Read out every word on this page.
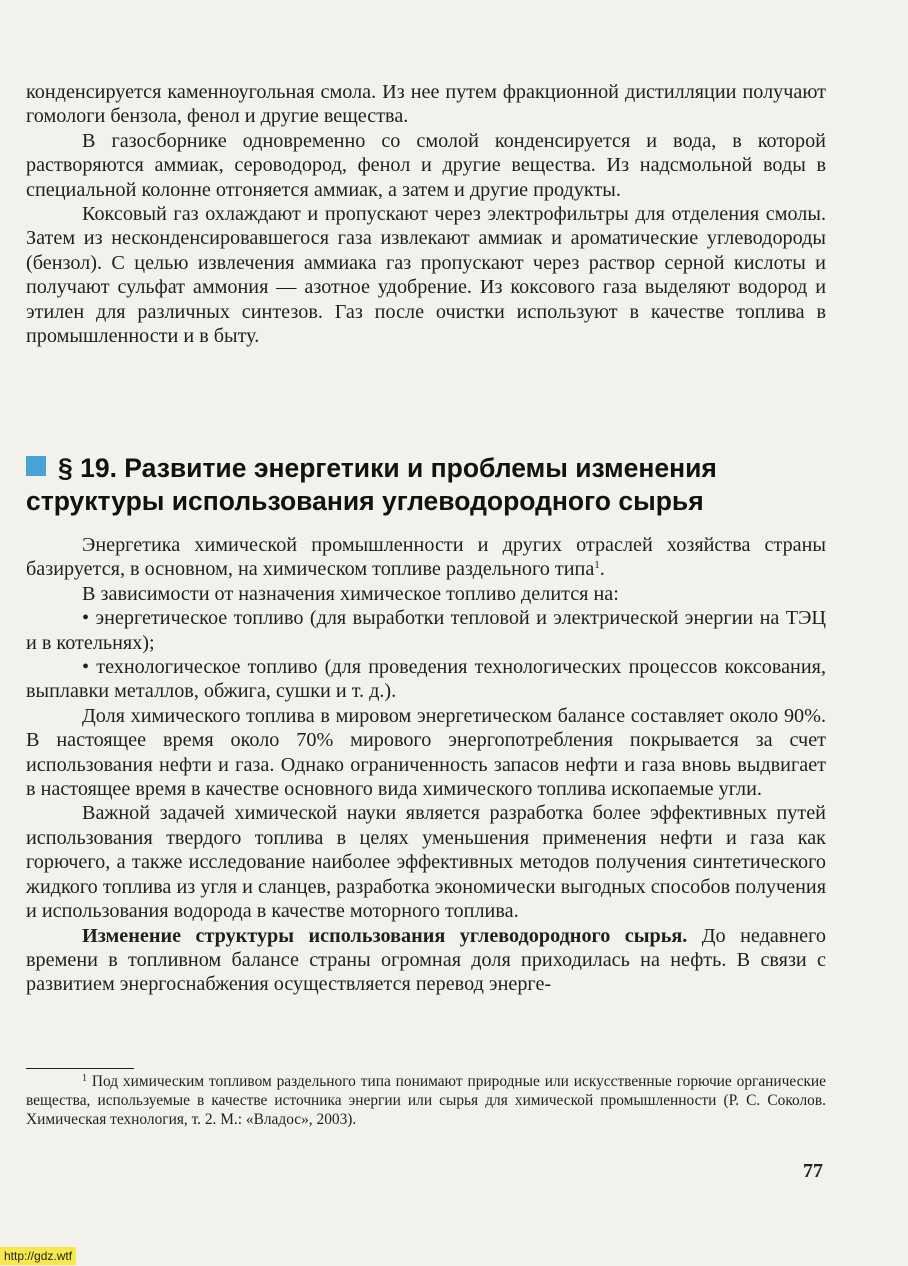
конденсируется каменноугольная смола. Из нее путем фракционной дистилляции получают гомологи бензола, фенол и другие вещества.

В газосборнике одновременно со смолой конденсируется и вода, в которой растворяются аммиак, сероводород, фенол и другие вещества. Из надсмольной воды в специальной колонне отгоняется аммиак, а затем и другие продукты.

Коксовый газ охлаждают и пропускают через электрофильтры для отделения смолы. Затем из несконденсировавшегося газа извлекают аммиак и ароматические углеводороды (бензол). С целью извлечения аммиака газ пропускают через раствор серной кислоты и получают сульфат аммония — азотное удобрение. Из коксового газа выделяют водород и этилен для различных синтезов. Газ после очистки используют в качестве топлива в промышленности и в быту.

§ 19. Развитие энергетики и проблемы изменения структуры использования углеводородного сырья

Энергетика химической промышленности и других отраслей хозяйства страны базируется, в основном, на химическом топливе раздельного типа$^1$.

В зависимости от назначения химическое топливо делится на:

• энергетическое топливо (для выработки тепловой и электрической энергии на ТЭЦ и в котельнях);

• технологическое топливо (для проведения технологических процессов коксования, выплавки металлов, обжига, сушки и т. д.).

Доля химического топлива в мировом энергетическом балансе составляет около 90%. В настоящее время около 70% мирового энергопотребления покрывается за счет использования нефти и газа. Однако ограниченность запасов нефти и газа вновь выдвигает в настоящее время в качестве основного вида химического топлива ископаемые угли.

Важной задачей химической науки является разработка более эффективных путей использования твердого топлива в целях уменьшения применения нефти и газа как горючего, а также исследование наиболее эффективных методов получения синтетического жидкого топлива из угля и сланцев, разработка экономически выгодных способов получения и использования водорода в качестве моторного топлива.

Изменение структуры использования углеводородного сырья. До недавнего времени в топливном балансе страны огромная доля приходилась на нефть. В связи с развитием энергоснабжения осуществляется перевод энерге-

$^1$ Под химическим топливом раздельного типа понимают природные или искусственные горючие органические вещества, используемые в качестве источника энергии или сырья для химической промышленности (Р. С. Соколов. Химическая технология, т. 2. М.: «Владос», 2003).
77
http://gdz.wtf
